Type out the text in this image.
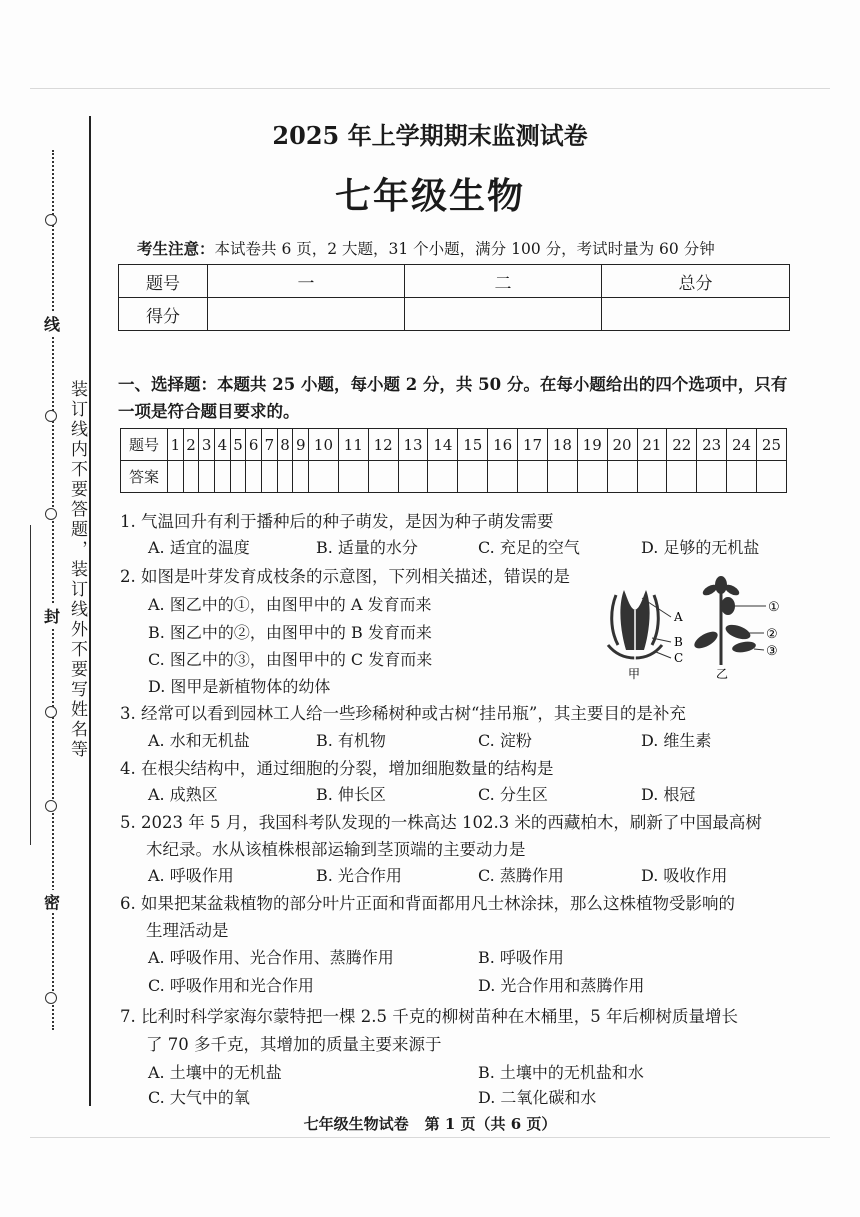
线
封
密
装订线内不要答题，装订线外不要写姓名等
2025 年上学期期末监测试卷
七年级生物
考生注意：本试卷共 6 页，2 大题，31 个小题，满分 100 分，考试时量为 60 分钟
题号	一	二	总分
得分			
一、选择题：本题共 25 小题，每小题 2 分，共 50 分。在每小题给出的四个选项中，只有一项是符合题目要求的。
题号	1	2	3	4	5	6	7	8	9	10	11	12	13	14	15	16	17	18	19	20	21	22	23	24	25
答案																									
1. 气温回升有利于播种后的种子萌发，是因为种子萌发需要
A. 适宜的温度	B. 适量的水分	C. 充足的空气	D. 足够的无机盐
2. 如图是叶芽发育成枝条的示意图，下列相关描述，错误的是
A. 图乙中的①，由图甲中的 A 发育而来
B. 图乙中的②，由图甲中的 B 发育而来
C. 图乙中的③，由图甲中的 C 发育而来
D. 图甲是新植物体的幼体
A
B
C
甲
①
②
③
乙
3. 经常可以看到园林工人给一些珍稀树种或古树“挂吊瓶”，其主要目的是补充
A. 水和无机盐	B. 有机物	C. 淀粉	D. 维生素
4. 在根尖结构中，通过细胞的分裂，增加细胞数量的结构是
A. 成熟区	B. 伸长区	C. 分生区	D. 根冠
5. 2023 年 5 月，我国科考队发现的一株高达 102.3 米的西藏柏木，刷新了中国最高树
木纪录。水从该植株根部运输到茎顶端的主要动力是
A. 呼吸作用	B. 光合作用	C. 蒸腾作用	D. 吸收作用
6. 如果把某盆栽植物的部分叶片正面和背面都用凡士林涂抹，那么这株植物受影响的
生理活动是
A. 呼吸作用、光合作用、蒸腾作用	B. 呼吸作用
C. 呼吸作用和光合作用	D. 光合作用和蒸腾作用
7. 比利时科学家海尔蒙特把一棵 2.5 千克的柳树苗种在木桶里，5 年后柳树质量增长
了 70 多千克，其增加的质量主要来源于
A. 土壤中的无机盐	B. 土壤中的无机盐和水
C. 大气中的氧	D. 二氧化碳和水
七年级生物试卷 第 1 页（共 6 页）
